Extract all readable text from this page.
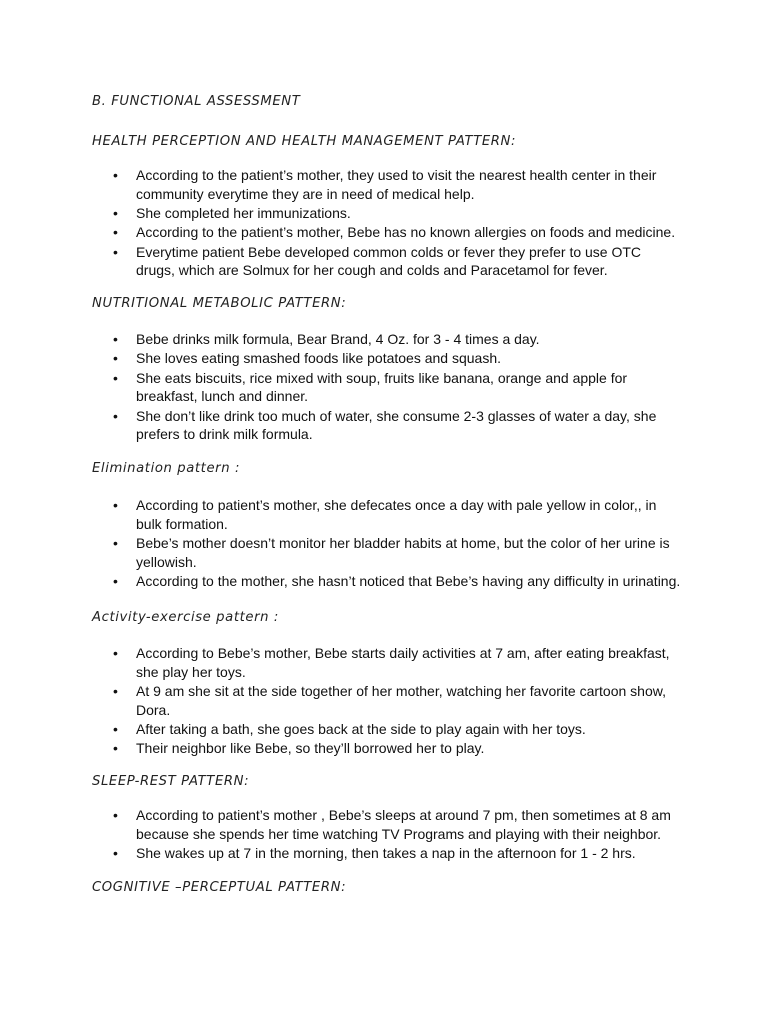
B. FUNCTIONAL ASSESSMENT
HEALTH PERCEPTION AND HEALTH MANAGEMENT PATTERN:
• According to the patient’s mother, they used to visit the nearest health center in their community everytime they are in need of medical help.
• She completed her immunizations.
• According to the patient’s mother, Bebe has no known allergies on foods and medicine.
• Everytime patient Bebe developed common colds or fever they prefer to use OTC drugs, which are Solmux for her cough and colds and Paracetamol for fever.
NUTRITIONAL METABOLIC PATTERN:
• Bebe drinks milk formula, Bear Brand, 4 Oz. for 3 - 4 times a day.
• She loves eating smashed foods like potatoes and squash.
• She eats biscuits, rice mixed with soup, fruits like banana, orange and apple for breakfast, lunch and dinner.
• She don’t like drink too much of water, she consume 2-3 glasses of water a day, she prefers to drink milk formula.
Elimination pattern :
• According to patient’s mother, she defecates once a day with pale yellow in color,, in bulk formation.
• Bebe’s mother doesn’t monitor her bladder habits at home, but the color of her urine is yellowish.
• According to the mother, she hasn’t noticed that Bebe’s having any difficulty in urinating.
Activity-exercise pattern :
• According to Bebe’s mother, Bebe starts daily activities at 7 am, after eating breakfast, she play her toys.
• At 9 am she sit at the side together of her mother, watching her favorite cartoon show, Dora.
• After taking a bath, she goes back at the side to play again with her toys.
• Their neighbor like Bebe, so they’ll borrowed her to play.
SLEEP-REST PATTERN:
• According to patient’s mother , Bebe’s sleeps at around 7 pm, then sometimes at 8 am because she spends her time watching TV Programs and playing with their neighbor.
• She wakes up at 7 in the morning, then takes a nap in the afternoon for 1 - 2 hrs.
COGNITIVE –PERCEPTUAL PATTERN:
